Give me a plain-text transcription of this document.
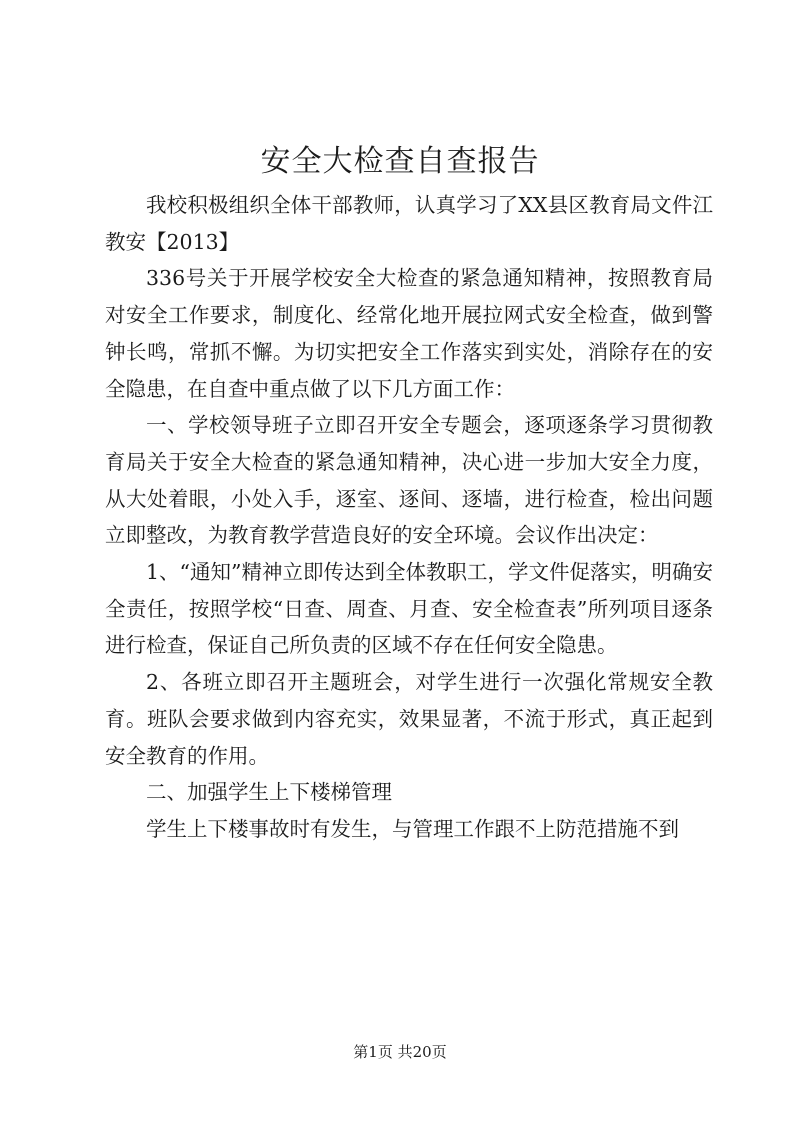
安全大检查自查报告

我校积极组织全体干部教师，认真学习了XX县区教育局文件江教安【2013】

336号关于开展学校安全大检查的紧急通知精神，按照教育局对安全工作要求，制度化、经常化地开展拉网式安全检查，做到警钟长鸣，常抓不懈。为切实把安全工作落实到实处，消除存在的安全隐患，在自查中重点做了以下几方面工作：

一、学校领导班子立即召开安全专题会，逐项逐条学习贯彻教育局关于安全大检查的紧急通知精神，决心进一步加大安全力度，从大处着眼，小处入手，逐室、逐间、逐墙，进行检查，检出问题立即整改，为教育教学营造良好的安全环境。会议作出决定：

1、“通知”精神立即传达到全体教职工，学文件促落实，明确安全责任，按照学校“日查、周查、月查、安全检查表”所列项目逐条进行检查，保证自己所负责的区域不存在任何安全隐患。

2、各班立即召开主题班会，对学生进行一次强化常规安全教育。班队会要求做到内容充实，效果显著，不流于形式，真正起到安全教育的作用。

二、加强学生上下楼梯管理

学生上下楼事故时有发生，与管理工作跟不上防范措施不到

第1页 共20页
